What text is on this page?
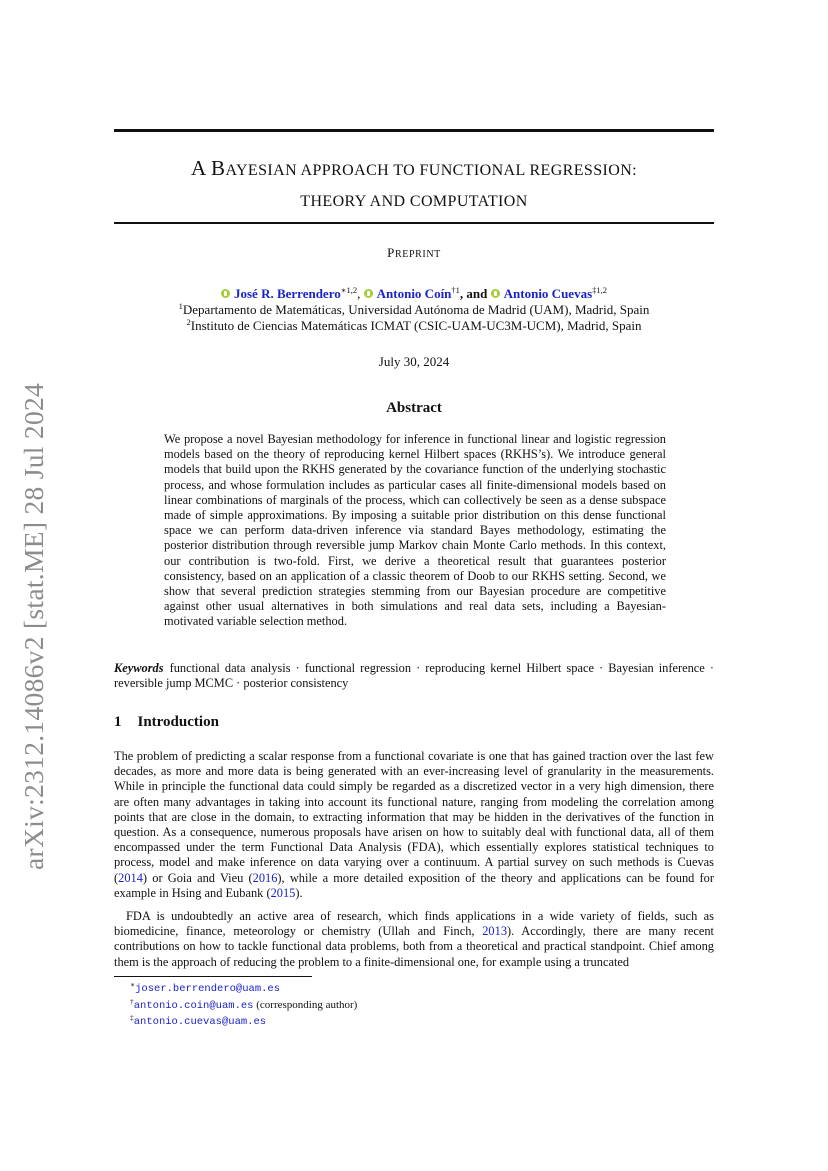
arXiv:2312.14086v2 [stat.ME] 28 Jul 2024
A BAYESIAN APPROACH TO FUNCTIONAL REGRESSION:
THEORY AND COMPUTATION
PREPRINT
José R. Berrendero$^{∗1,2}$, Antonio Coín$^{\dagger 1}$, and Antonio Cuevas$^{\ddagger 1,2}$
$^1$Departamento de Matemáticas, Universidad Autónoma de Madrid (UAM), Madrid, Spain
$^2$Instituto de Ciencias Matemáticas ICMAT (CSIC-UAM-UC3M-UCM), Madrid, Spain
July 30, 2024
Abstract
We propose a novel Bayesian methodology for inference in functional linear and logistic regression models based on the theory of reproducing kernel Hilbert spaces (RKHS’s). We introduce general models that build upon the RKHS generated by the covariance function of the underlying stochastic process, and whose formulation includes as particular cases all finite-dimensional models based on linear combinations of marginals of the process, which can collectively be seen as a dense subspace made of simple approximations. By imposing a suitable prior distribution on this dense functional space we can perform data-driven inference via standard Bayes methodology, estimating the posterior distribution through reversible jump Markov chain Monte Carlo methods. In this context, our contribution is two-fold. First, we derive a theoretical result that guarantees posterior consistency, based on an application of a classic theorem of Doob to our RKHS setting. Second, we show that several prediction strategies stemming from our Bayesian procedure are competitive against other usual alternatives in both simulations and real data sets, including a Bayesian-motivated variable selection method.
Keywords functional data analysis · functional regression · reproducing kernel Hilbert space · Bayesian inference · reversible jump MCMC · posterior consistency
1 Introduction
The problem of predicting a scalar response from a functional covariate is one that has gained traction over the last few decades, as more and more data is being generated with an ever-increasing level of granularity in the measurements. While in principle the functional data could simply be regarded as a discretized vector in a very high dimension, there are often many advantages in taking into account its functional nature, ranging from modeling the correlation among points that are close in the domain, to extracting information that may be hidden in the derivatives of the function in question. As a consequence, numerous proposals have arisen on how to suitably deal with functional data, all of them encompassed under the term Functional Data Analysis (FDA), which essentially explores statistical techniques to process, model and make inference on data varying over a continuum. A partial survey on such methods is Cuevas (2014) or Goia and Vieu (2016), while a more detailed exposition of the theory and applications can be found for example in Hsing and Eubank (2015).
FDA is undoubtedly an active area of research, which finds applications in a wide variety of fields, such as biomedicine, finance, meteorology or chemistry (Ullah and Finch, 2013). Accordingly, there are many recent contributions on how to tackle functional data problems, both from a theoretical and practical standpoint. Chief among them is the approach of reducing the problem to a finite-dimensional one, for example using a truncated
∗joser.berrendero@uam.es
†antonio.coin@uam.es (corresponding author)
‡antonio.cuevas@uam.es
